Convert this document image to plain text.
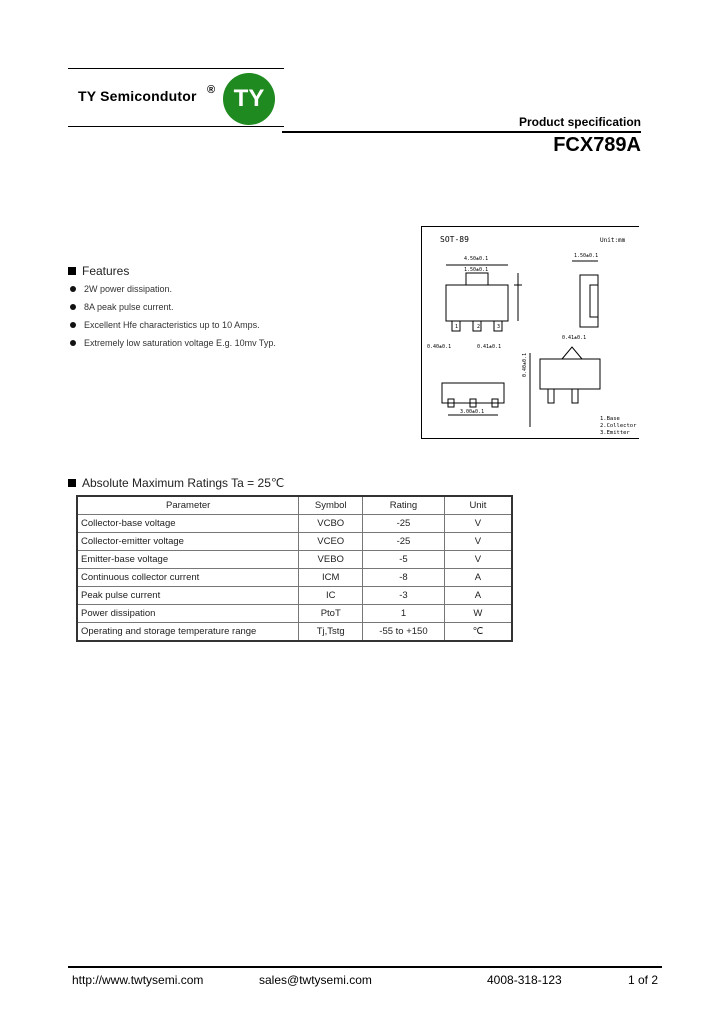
TY Semicondutor ® TY
Product specification
FCX789A
Features
2W power dissipation.
8A peak pulse current.
Excellent Hfe characteristics up to 10 Amps.
Extremely low saturation voltage E.g. 10mv Typ.
SOT-89	Unit:mm
4.50±0.1
1.50±0.1
1	2	3
0.40±0.1	0.41±0.1
1.50±0.1
0.41±0.1
3.00±0.1
0.40±0.1
1.Base
2.Collector
3.Emitter
Absolute Maximum Ratings Ta = 25℃
Parameter	Symbol	Rating	Unit
Collector-base voltage	VCBO	-25	V
Collector-emitter voltage	VCEO	-25	V
Emitter-base voltage	VEBO	-5	V
Continuous collector current	ICM	-8	A
Peak pulse current	IC	-3	A
Power dissipation	PtoT	1	W
Operating and storage temperature range	Tj,Tstg	-55 to +150	℃
http://www.twtysemi.com	sales@twtysemi.com	4008-318-123	1 of 2
